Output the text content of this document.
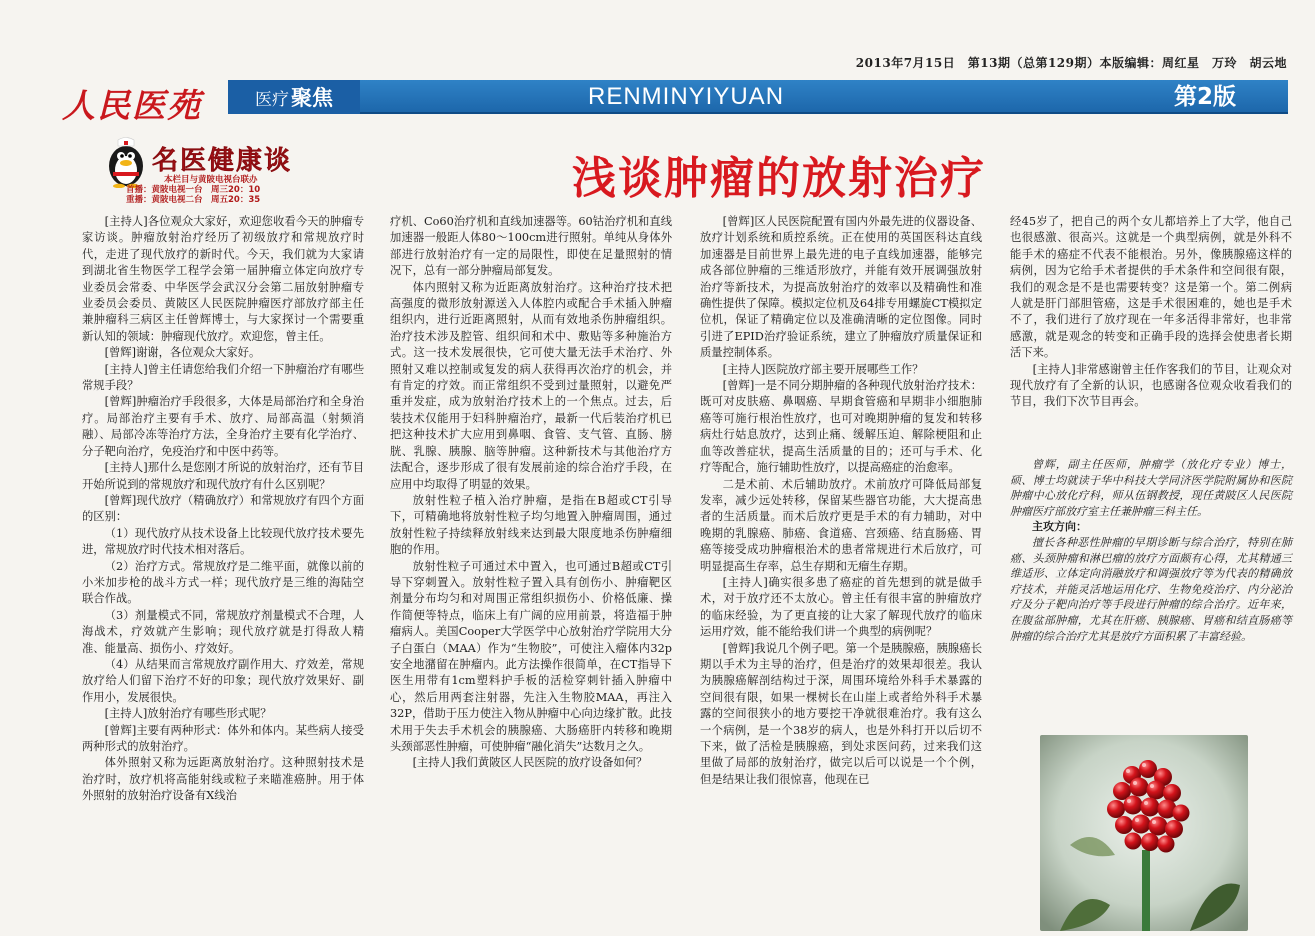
2013年7月15日　第13期（总第129期）本版编辑：周红星　万玲　胡云地
人民医苑	医疗 聚焦	RENMINYIYUAN	第2版
名医健康谈
本栏目与黄陂电视台联办
首播：黄陂电视一台　周三20：10
重播：黄陂电视二台　周五20：35	浅谈肿瘤的放射治疗

[主持人]各位观众大家好，欢迎您收看今天的肿瘤专家访谈。肿瘤放射治疗经历了初级放疗和常规放疗时代，走进了现代放疗的新时代。今天，我们就为大家请到湖北省生物医学工程学会第一届肿瘤立体定向放疗专业委员会常委、中华医学会武汉分会第二届放射肿瘤专业委员会委员、黄陂区人民医院肿瘤医疗部放疗部主任兼肿瘤科三病区主任曾辉博士，与大家探讨一个需要重新认知的领域：肿瘤现代放疗。欢迎您，曾主任。

[曾辉]谢谢，各位观众大家好。

[主持人]曾主任请您给我们介绍一下肿瘤治疗有哪些常规手段？

[曾辉]肿瘤治疗手段很多，大体是局部治疗和全身治疗。局部治疗主要有手术、放疗、局部高温（射频消融）、局部冷冻等治疗方法，全身治疗主要有化学治疗、分子靶向治疗，免疫治疗和中医中药等。

[主持人]那什么是您刚才所说的放射治疗，还有节目开始所说到的常规放疗和现代放疗有什么区别呢？

[曾辉]现代放疗（精确放疗）和常规放疗有四个方面的区别：

（1）现代放疗从技术设备上比较现代放疗技术要先进，常规放疗时代技术相对落后。

（2）治疗方式。常规放疗是二维平面，就像以前的小米加步枪的战斗方式一样；现代放疗是三维的海陆空联合作战。

（3）剂量模式不同，常规放疗剂量模式不合理，人海战术，疗效就产生影响；现代放疗就是打得敌人精准、能量高、损伤小、疗效好。

（4）从结果而言常规放疗副作用大、疗效差，常规放疗给人们留下治疗不好的印象；现代放疗效果好、副作用小，发展很快。

[主持人]放射治疗有哪些形式呢？

[曾辉]主要有两种形式：体外和体内。某些病人接受两种形式的放射治疗。

体外照射又称为远距离放射治疗。这种照射技术是治疗时，放疗机将高能射线或粒子来瞄准癌肿。用于体外照射的放射治疗设备有X线治

疗机、Co60治疗机和直线加速器等。60钴治疗机和直线加速器一般距人体80～100cm进行照射。单纯从身体外部进行放射治疗有一定的局限性，即使在足量照射的情况下，总有一部分肿瘤局部复发。

体内照射又称为近距离放射治疗。这种治疗技术把高强度的微形放射源送入人体腔内或配合手术插入肿瘤组织内，进行近距离照射，从而有效地杀伤肿瘤组织。治疗技术涉及腔管、组织间和术中、敷贴等多种施治方式。这一技术发展很快，它可使大量无法手术治疗、外照射又难以控制或复发的病人获得再次治疗的机会，并有肯定的疗效。而正常组织不受到过量照射，以避免严重并发症，成为放射治疗技术上的一个焦点。过去，后装技术仅能用于妇科肿瘤治疗，最新一代后装治疗机已把这种技术扩大应用到鼻咽、食管、支气管、直肠、膀胱、乳腺、胰腺、脑等肿瘤。这种新技术与其他治疗方法配合，逐步形成了很有发展前途的综合治疗手段，在应用中均取得了明显的效果。

放射性粒子植入治疗肿瘤，是指在B超或CT引导下，可精确地将放射性粒子均匀地置入肿瘤周围，通过放射性粒子持续释放射线来达到最大限度地杀伤肿瘤细胞的作用。

放射性粒子可通过术中置入，也可通过B超或CT引导下穿刺置入。放射性粒子置入具有创伤小、肿瘤靶区剂量分布均匀和对周围正常组织损伤小、价格低廉、操作简便等特点，临床上有广阔的应用前景，将造福于肿瘤病人。美国Cooper大学医学中心放射治疗学院用大分子白蛋白（MAA）作为“生物胶”，可使注入瘤体内32p安全地潴留在肿瘤内。此方法操作很简单，在CT指导下医生用带有1cm塑料护手板的活检穿刺针插入肿瘤中心，然后用两套注射器，先注入生物胶MAA，再注入32P，借助于压力使注入物从肿瘤中心向边缘扩散。此技术用于失去手术机会的胰腺癌、大肠癌肝内转移和晚期头颈部恶性肿瘤，可使肿瘤“融化消失”达数月之久。

[主持人]我们黄陂区人民医院的放疗设备如何？

[曾辉]区人民医院配置有国内外最先进的仪器设备、放疗计划系统和质控系统。正在使用的英国医科达直线加速器是目前世界上最先进的电子直线加速器，能够完成各部位肿瘤的三维适形放疗，并能有效开展调强放射治疗等新技术，为提高放射治疗的效率以及精确性和准确性提供了保障。模拟定位机及64排专用螺旋CT模拟定位机，保证了精确定位以及准确清晰的定位图像。同时引进了EPID治疗验证系统，建立了肿瘤放疗质量保证和质量控制体系。

[主持人]医院放疗部主要开展哪些工作？

[曾辉]一是不同分期肿瘤的各种现代放射治疗技术：既可对皮肤癌、鼻咽癌、早期食管癌和早期非小细胞肺癌等可施行根治性放疗，也可对晚期肿瘤的复发和转移病灶行姑息放疗，达到止痛、缓解压迫、解除梗阻和止血等改善症状，提高生活质量的目的；还可与手术、化疗等配合，施行辅助性放疗，以提高癌症的治愈率。

二是术前、术后辅助放疗。术前放疗可降低局部复发率，减少远处转移，保留某些器官功能，大大提高患者的生活质量。而术后放疗更是手术的有力辅助，对中晚期的乳腺癌、肺癌、食道癌、宫颈癌、结直肠癌、胃癌等接受成功肿瘤根治术的患者常规进行术后放疗，可明显提高生存率，总生存期和无瘤生存期。

[主持人]确实很多患了癌症的首先想到的就是做手术，对于放疗还不太放心。曾主任有很丰富的肿瘤放疗的临床经验，为了更直接的让大家了解现代放疗的临床运用疗效，能不能给我们讲一个典型的病例呢？

[曾辉]我说几个例子吧。第一个是胰腺癌，胰腺癌长期以手术为主导的治疗，但是治疗的效果却很差。我认为胰腺癌解剖结构过于深，周围环境给外科手术暴露的空间很有限，如果一棵树长在山崖上或者给外科手术暴露的空间很狭小的地方要挖干净就很难治疗。我有这么一个病例，是一个38岁的病人，也是外科打开以后切不下来，做了活检是胰腺癌，到处求医问药，过来我们这里做了局部的放射治疗，做完以后可以说是一个个例，但是结果让我们很惊喜，他现在已

经45岁了，把自己的两个女儿都培养上了大学，他自己也很感激、很高兴。这就是一个典型病例，就是外科不能手术的癌症不代表不能根治。另外，像胰腺癌这样的病例，因为它给手术者提供的手术条件和空间很有限，我们的观念是不是也需要转变？这是第一个。第二例病人就是肝门部胆管癌，这是手术很困难的，她也是手术不了，我们进行了放疗现在一年多活得非常好，也非常感激，就是观念的转变和正确手段的选择会使患者长期活下来。

[主持人]非常感谢曾主任作客我们的节目，让观众对现代放疗有了全新的认识，也感谢各位观众收看我们的节目，我们下次节目再会。

曾辉，副主任医师，肿瘤学（放化疗专业）博士，硕、博士均就读于华中科技大学同济医学院附属协和医院肿瘤中心放化疗科，师从伍钢教授，现任黄陂区人民医院肿瘤医疗部放疗室主任兼肿瘤三科主任。

主攻方向：

擅长各种恶性肿瘤的早期诊断与综合治疗，特别在肺癌、头颈肿瘤和淋巴瘤的放疗方面颇有心得，尤其精通三维适形、立体定向消融放疗和调强放疗等为代表的精确放疗技术，并能灵活地运用化疗、生物免疫治疗、内分泌治疗及分子靶向治疗等手段进行肿瘤的综合治疗。近年来，在腹盆部肿瘤，尤其在肝癌、胰腺癌、胃癌和结直肠癌等肿瘤的综合治疗尤其是放疗方面积累了丰富经验。
